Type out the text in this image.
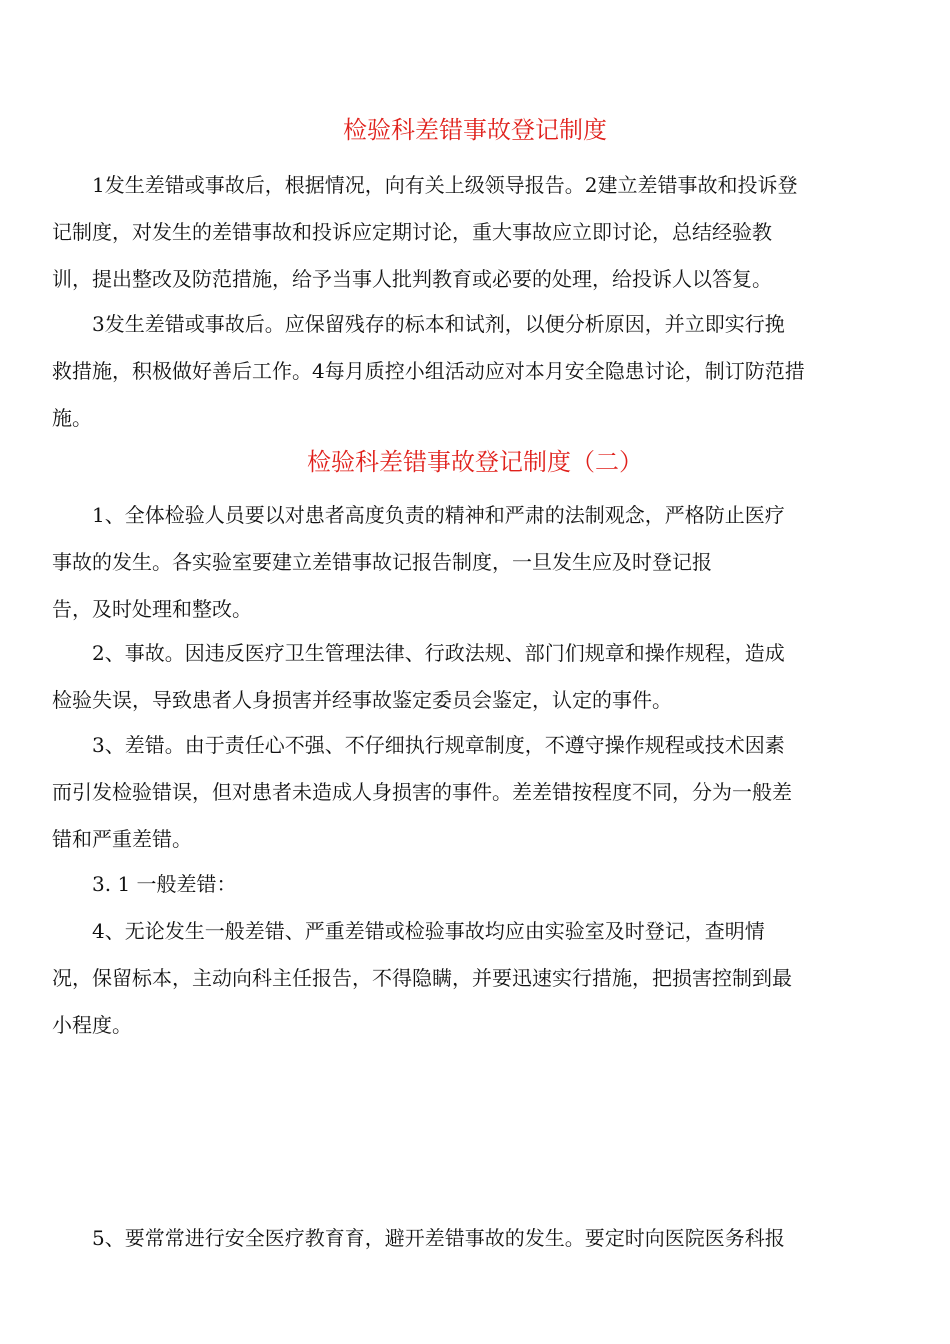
检验科差错事故登记制度

1发生差错或事故后，根据情况，向有关上级领导报告。2建立差错事故和投诉登
记制度，对发生的差错事故和投诉应定期讨论，重大事故应立即讨论，总结经验教
训，提出整改及防范措施，给予当事人批判教育或必要的处理，给投诉人以答复。

3发生差错或事故后。应保留残存的标本和试剂，以便分析原因，并立即实行挽
救措施，积极做好善后工作。4每月质控小组活动应对本月安全隐患讨论，制订防范措
施。

检验科差错事故登记制度（二）

1、全体检验人员要以对患者高度负责的精神和严肃的法制观念，严格防止医疗
事故的发生。各实验室要建立差错事故记报告制度，一旦发生应及时登记报
告，及时处理和整改。

2、事故。因违反医疗卫生管理法律、行政法规、部门们规章和操作规程，造成
检验失误，导致患者人身损害并经事故鉴定委员会鉴定，认定的事件。

3、差错。由于责任心不强、不仔细执行规章制度，不遵守操作规程或技术因素
而引发检验错误，但对患者未造成人身损害的事件。差差错按程度不同，分为一般差
错和严重差错。

3. 1 一般差错：

4、无论发生一般差错、严重差错或检验事故均应由实验室及时登记，查明情
况，保留标本，主动向科主任报告，不得隐瞒，并要迅速实行措施，把损害控制到最
小程度。

5、要常常进行安全医疗教育育，避开差错事故的发生。要定时向医院医务科报
